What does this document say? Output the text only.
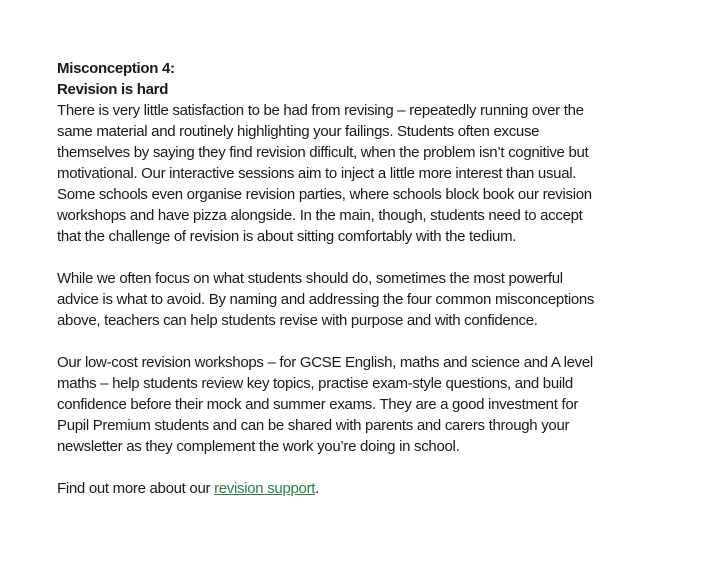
Misconception 4:
Revision is hard
There is very little satisfaction to be had from revising – repeatedly running over the
same material and routinely highlighting your failings. Students often excuse
themselves by saying they find revision difficult, when the problem isn’t cognitive but
motivational. Our interactive sessions aim to inject a little more interest than usual.
Some schools even organise revision parties, where schools block book our revision
workshops and have pizza alongside. In the main, though, students need to accept
that the challenge of revision is about sitting comfortably with the tedium.
While we often focus on what students should do, sometimes the most powerful
advice is what to avoid. By naming and addressing the four common misconceptions
above, teachers can help students revise with purpose and with confidence.
Our low-cost revision workshops – for GCSE English, maths and science and A level
maths – help students review key topics, practise exam-style questions, and build
confidence before their mock and summer exams. They are a good investment for
Pupil Premium students and can be shared with parents and carers through your
newsletter as they complement the work you’re doing in school.
Find out more about our revision support.
